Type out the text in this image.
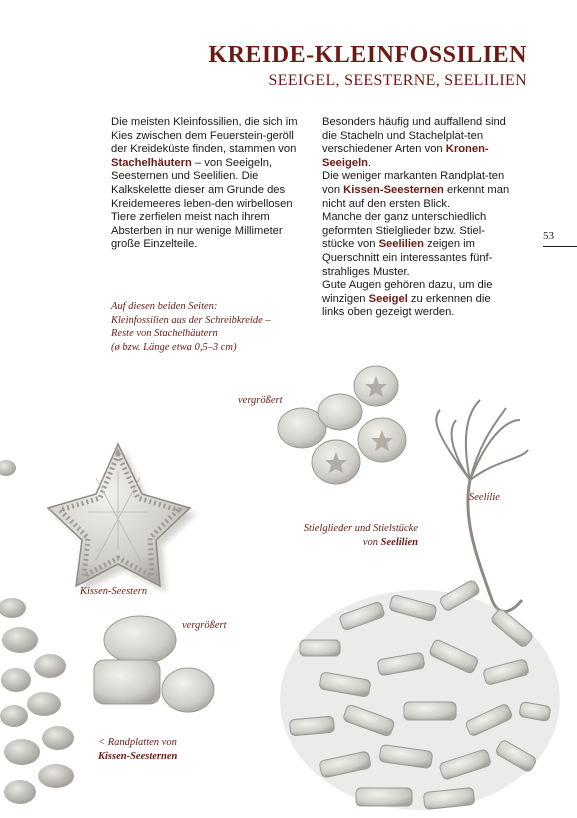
KREIDE-KLEINFOSSILIEN
SEEIGEL, SEESTERNE, SEELILIEN

Die meisten Kleinfossilien, die sich im Kies zwischen dem Feuerstein-geröll der Kreideküste finden, stammen von Stachelhäutern – von Seeigeln, Seesternen und Seelilien. Die Kalkskelette dieser am Grunde des Kreidemeeres leben-den wirbellosen Tiere zerfielen meist nach ihrem Absterben in nur wenige Millimeter große Einzelteile.

Besonders häufig und auffallend sind die Stacheln und Stachelplat-ten verschiedener Arten von Kronen-Seeigeln.

Die weniger markanten Randplat-ten von Kissen-Seesternen erkennt man nicht auf den ersten Blick.

Manche der ganz unterschiedlich geformten Stielglieder bzw. Stiel-stücke von Seelilien zeigen im Querschnitt ein interessantes fünf-strahliges Muster.

Gute Augen gehören dazu, um die winzigen Seeigel zu erkennen die links oben gezeigt werden.

53
Auf diesen beiden Seiten:
Kleinfossilien aus der Schreibkreide –
Reste von Stachelhäutern
(ø bzw. Länge etwa 0,5–3 cm)
vergrößert
Seelilie
Stielglieder und Stielstücke
von Seelilien
Kissen-Seestern
vergrößert
< Randplatten von
Kissen-Seesternen
